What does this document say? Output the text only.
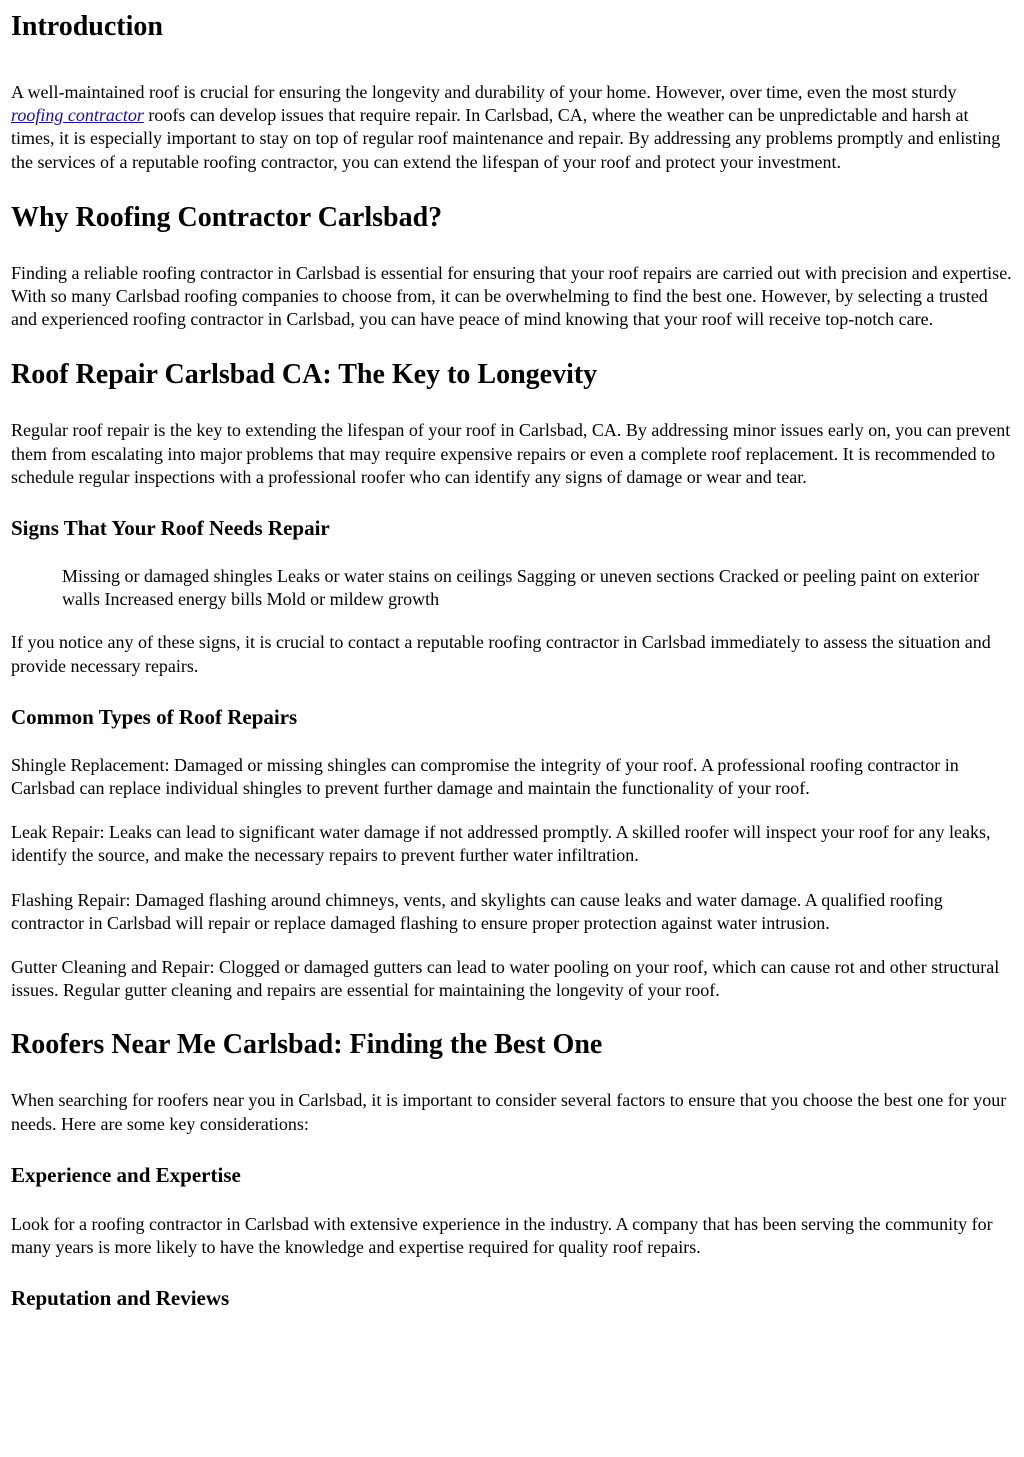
Introduction

A well-maintained roof is crucial for ensuring the longevity and durability of your home. However, over time, even the most sturdy roofing contractor roofs can develop issues that require repair. In Carlsbad, CA, where the weather can be unpredictable and harsh at times, it is especially important to stay on top of regular roof maintenance and repair. By addressing any problems promptly and enlisting the services of a reputable roofing contractor, you can extend the lifespan of your roof and protect your investment.

Why Roofing Contractor Carlsbad?

Finding a reliable roofing contractor in Carlsbad is essential for ensuring that your roof repairs are carried out with precision and expertise. With so many Carlsbad roofing companies to choose from, it can be overwhelming to find the best one. However, by selecting a trusted and experienced roofing contractor in Carlsbad, you can have peace of mind knowing that your roof will receive top-notch care.

Roof Repair Carlsbad CA: The Key to Longevity

Regular roof repair is the key to extending the lifespan of your roof in Carlsbad, CA. By addressing minor issues early on, you can prevent them from escalating into major problems that may require expensive repairs or even a complete roof replacement. It is recommended to schedule regular inspections with a professional roofer who can identify any signs of damage or wear and tear.

Signs That Your Roof Needs Repair
Missing or damaged shingles Leaks or water stains on ceilings Sagging or uneven sections Cracked or peeling paint on exterior walls Increased energy bills Mold or mildew growth

If you notice any of these signs, it is crucial to contact a reputable roofing contractor in Carlsbad immediately to assess the situation and provide necessary repairs.

Common Types of Roof Repairs

Shingle Replacement: Damaged or missing shingles can compromise the integrity of your roof. A professional roofing contractor in Carlsbad can replace individual shingles to prevent further damage and maintain the functionality of your roof.

Leak Repair: Leaks can lead to significant water damage if not addressed promptly. A skilled roofer will inspect your roof for any leaks, identify the source, and make the necessary repairs to prevent further water infiltration.

Flashing Repair: Damaged flashing around chimneys, vents, and skylights can cause leaks and water damage. A qualified roofing contractor in Carlsbad will repair or replace damaged flashing to ensure proper protection against water intrusion.

Gutter Cleaning and Repair: Clogged or damaged gutters can lead to water pooling on your roof, which can cause rot and other structural issues. Regular gutter cleaning and repairs are essential for maintaining the longevity of your roof.

Roofers Near Me Carlsbad: Finding the Best One

When searching for roofers near you in Carlsbad, it is important to consider several factors to ensure that you choose the best one for your needs. Here are some key considerations:

Experience and Expertise

Look for a roofing contractor in Carlsbad with extensive experience in the industry. A company that has been serving the community for many years is more likely to have the knowledge and expertise required for quality roof repairs.

Reputation and Reviews
